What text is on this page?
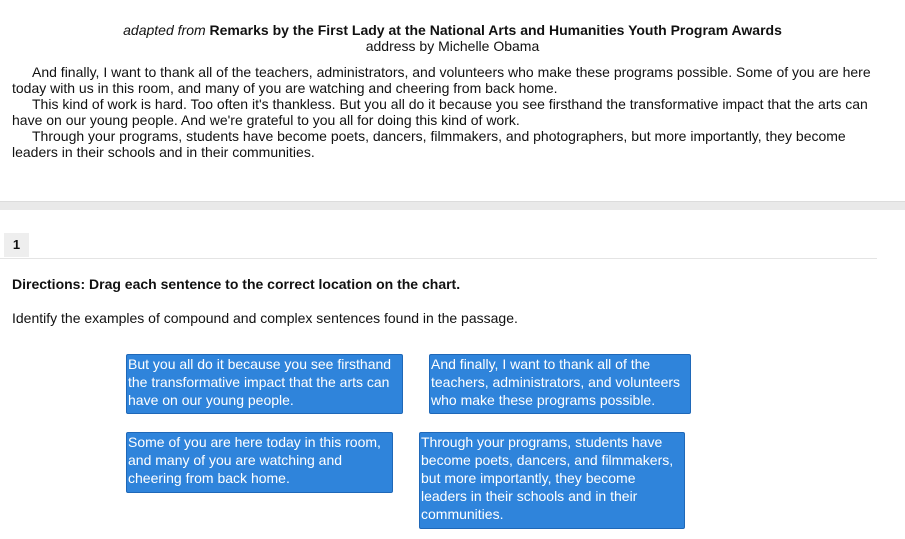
adapted from Remarks by the First Lady at the National Arts and Humanities Youth Program Awards
address by Michelle Obama

And finally, I want to thank all of the teachers, administrators, and volunteers who make these programs possible. Some of you are here today with us in this room, and many of you are watching and cheering from back home.

This kind of work is hard. Too often it's thankless. But you all do it because you see firsthand the transformative impact that the arts can have on our young people. And we're grateful to you all for doing this kind of work.

Through your programs, students have become poets, dancers, filmmakers, and photographers, but more importantly, they become leaders in their schools and in their communities.

1
Directions: Drag each sentence to the correct location on the chart.
Identify the examples of compound and complex sentences found in the passage.
But you all do it because you see firsthand the transformative impact that the arts can have on our young people.
And finally, I want to thank all of the teachers, administrators, and volunteers who make these programs possible.
Some of you are here today in this room, and many of you are watching and cheering from back home.
Through your programs, students have become poets, dancers, and filmmakers, but more importantly, they become leaders in their schools and in their communities.
